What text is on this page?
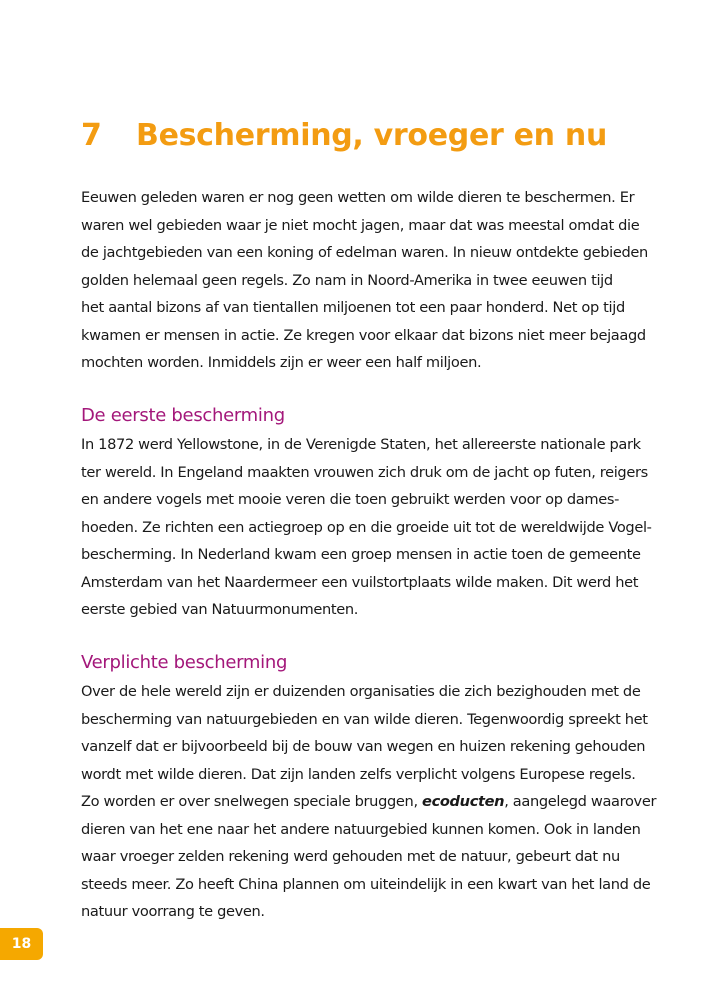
7 Bescherming, vroeger en nu

Eeuwen geleden waren er nog geen wetten om wilde dieren te beschermen. Er
waren wel gebieden waar je niet mocht jagen, maar dat was meestal omdat die
de jachtgebieden van een koning of edelman waren. In nieuw ontdekte gebieden
golden helemaal geen regels. Zo nam in Noord-Amerika in twee eeuwen tijd
het aantal bizons af van tientallen miljoenen tot een paar honderd. Net op tijd
kwamen er mensen in actie. Ze kregen voor elkaar dat bizons niet meer bejaagd
mochten worden. Inmiddels zijn er weer een half miljoen.

De eerste bescherming

In 1872 werd Yellowstone, in de Verenigde Staten, het allereerste nationale park
ter wereld. In Engeland maakten vrouwen zich druk om de jacht op futen, reigers
en andere vogels met mooie veren die toen gebruikt werden voor op dames-
hoeden. Ze richten een actiegroep op en die groeide uit tot de wereldwijde Vogel-
bescherming. In Nederland kwam een groep mensen in actie toen de gemeente
Amsterdam van het Naardermeer een vuilstortplaats wilde maken. Dit werd het
eerste gebied van Natuurmonumenten.

Verplichte bescherming

Over de hele wereld zijn er duizenden organisaties die zich bezighouden met de
bescherming van natuurgebieden en van wilde dieren. Tegenwoordig spreekt het
vanzelf dat er bijvoorbeeld bij de bouw van wegen en huizen rekening gehouden
wordt met wilde dieren. Dat zijn landen zelfs verplicht volgens Europese regels.
Zo worden er over snelwegen speciale bruggen, ecoducten, aangelegd waarover
dieren van het ene naar het andere natuurgebied kunnen komen. Ook in landen
waar vroeger zelden rekening werd gehouden met de natuur, gebeurt dat nu
steeds meer. Zo heeft China plannen om uiteindelijk in een kwart van het land de
natuur voorrang te geven.

18
